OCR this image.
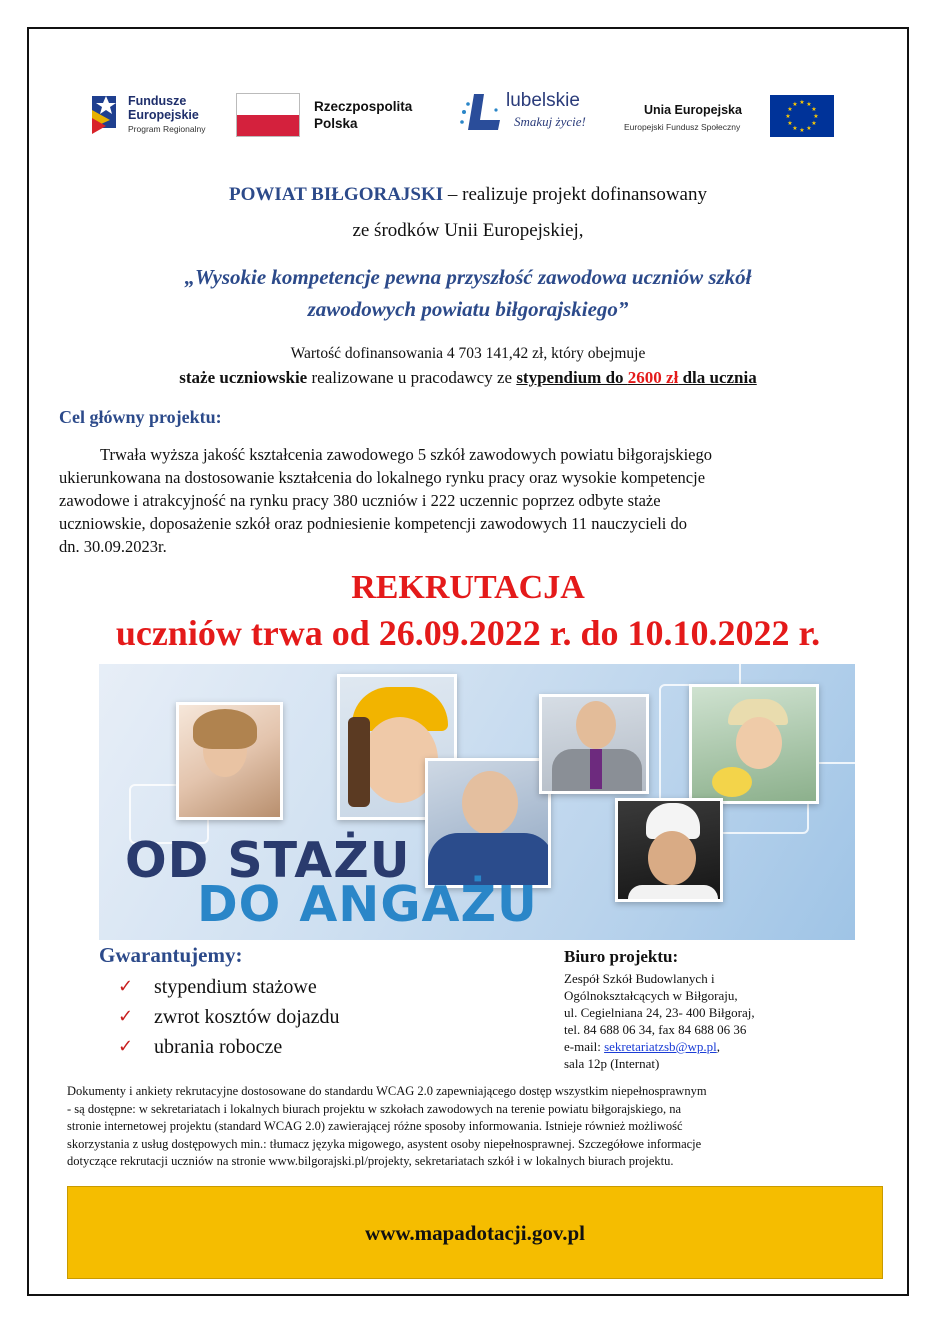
Fundusze
Europejskie
Program Regionalny
Rzeczpospolita
Polska
lubelskie
Smakuj życie!
Unia Europejska
Europejski Fundusz Społeczny
★ ★
★
★
★
★
★
★
★
★
★
★
POWIAT BIŁGORAJSKI – realizuje projekt dofinansowany
ze środków Unii Europejskiej,
„Wysokie kompetencje pewna przyszłość zawodowa uczniów szkół
zawodowych powiatu biłgorajskiego”
Wartość dofinansowania 4 703 141,42 zł, który obejmuje
staże uczniowskie realizowane u pracodawcy ze stypendium do 2600 zł dla ucznia
Cel główny projektu:
Trwała wyższa jakość kształcenia zawodowego 5 szkół zawodowych powiatu biłgorajskiego
ukierunkowana na dostosowanie kształcenia do lokalnego rynku pracy oraz wysokie kompetencje
zawodowe i atrakcyjność na rynku pracy 380 uczniów i 222 uczennic poprzez odbyte staże
uczniowskie, doposażenie szkół oraz podniesienie kompetencji zawodowych 11 nauczycieli do
dn. 30.09.2023r.
REKRUTACJA
uczniów trwa od 26.09.2022 r. do 10.10.2022 r.
OD STAŻU
DO ANGAŻU
Gwarantujemy:
✓	stypendium stażowe
✓	zwrot kosztów dojazdu
✓	ubrania robocze
Biuro projektu:
Zespół Szkół Budowlanych i
Ogólnokształcących w Biłgoraju,
ul. Cegielniana 24, 23- 400 Biłgoraj,
tel. 84 688 06 34, fax 84 688 06 36
e-mail: sekretariatzsb@wp.pl,
sala 12p (Internat)
Dokumenty i ankiety rekrutacyjne dostosowane do standardu WCAG 2.0 zapewniającego dostęp wszystkim niepełnosprawnym
- są dostępne: w sekretariatach i lokalnych biurach projektu w szkołach zawodowych na terenie powiatu biłgorajskiego, na
stronie internetowej projektu (standard WCAG 2.0) zawierającej różne sposoby informowania. Istnieje również możliwość
skorzystania z usług dostępowych min.: tłumacz języka migowego, asystent osoby niepełnosprawnej. Szczegółowe informacje
dotyczące rekrutacji uczniów na stronie www.bilgorajski.pl/projekty, sekretariatach szkół i w lokalnych biurach projektu.
www.mapadotacji.gov.pl
